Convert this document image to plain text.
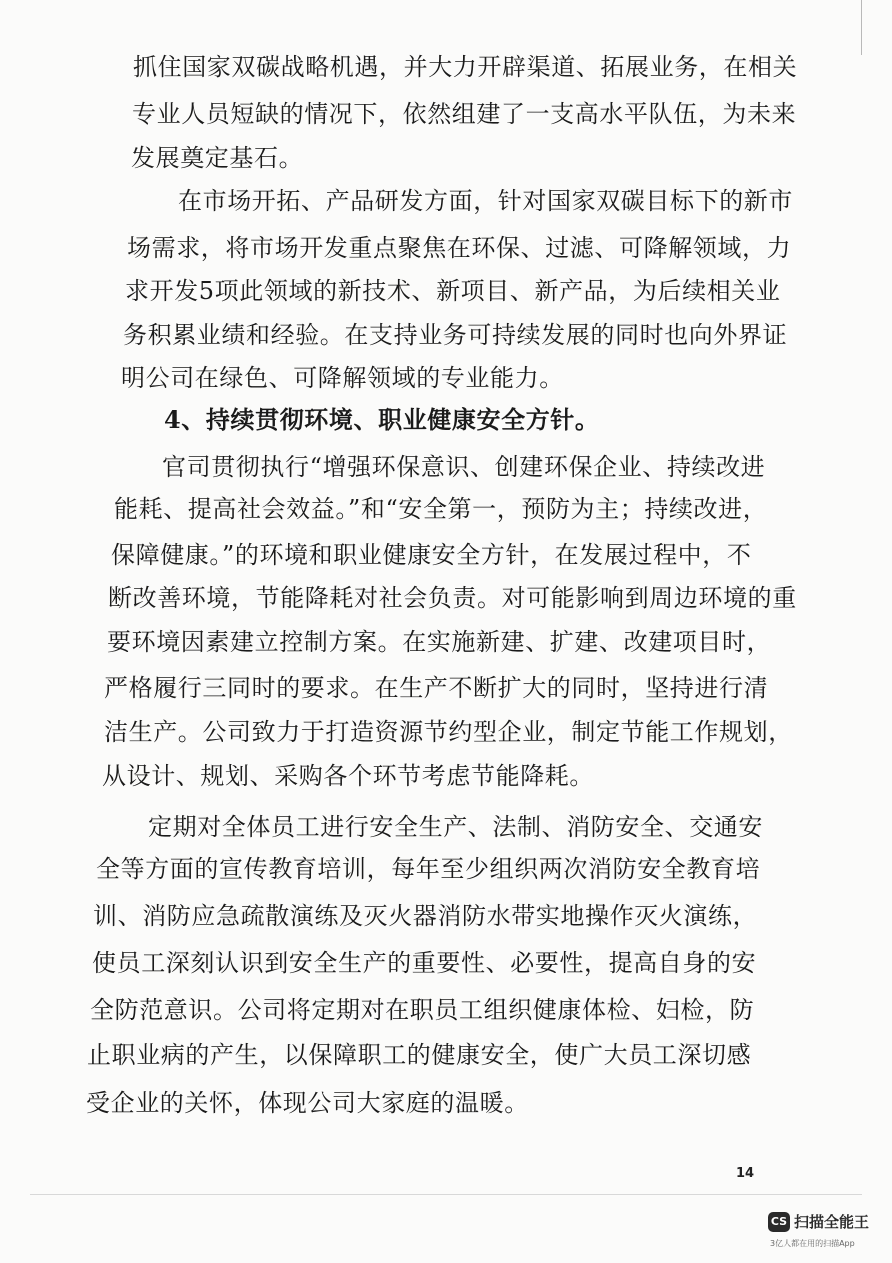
抓住国家双碳战略机遇，并大力开辟渠道、拓展业务，在相关
专业人员短缺的情况下，依然组建了一支高水平队伍，为未来
发展奠定基石。
在市场开拓、产品研发方面，针对国家双碳目标下的新市
场需求，将市场开发重点聚焦在环保、过滤、可降解领域，力
求开发5项此领域的新技术、新项目、新产品，为后续相关业
务积累业绩和经验。在支持业务可持续发展的同时也向外界证
明公司在绿色、可降解领域的专业能力。
4、持续贯彻环境、职业健康安全方针。
官司贯彻执行“增强环保意识、创建环保企业、持续改进
能耗、提高社会效益。”和“安全第一，预防为主；持续改进，
保障健康。”的环境和职业健康安全方针，在发展过程中，不
断改善环境，节能降耗对社会负责。对可能影响到周边环境的重
要环境因素建立控制方案。在实施新建、扩建、改建项目时，
严格履行三同时的要求。在生产不断扩大的同时，坚持进行清
洁生产。公司致力于打造资源节约型企业，制定节能工作规划，
从设计、规划、采购各个环节考虑节能降耗。
定期对全体员工进行安全生产、法制、消防安全、交通安
全等方面的宣传教育培训，每年至少组织两次消防安全教育培
训、消防应急疏散演练及灭火器消防水带实地操作灭火演练，
使员工深刻认识到安全生产的重要性、必要性，提高自身的安
全防范意识。公司将定期对在职员工组织健康体检、妇检，防
止职业病的产生，以保障职工的健康安全，使广大员工深切感
受企业的关怀，体现公司大家庭的温暖。
14
CS 扫描全能王
3亿人都在用的扫描App
